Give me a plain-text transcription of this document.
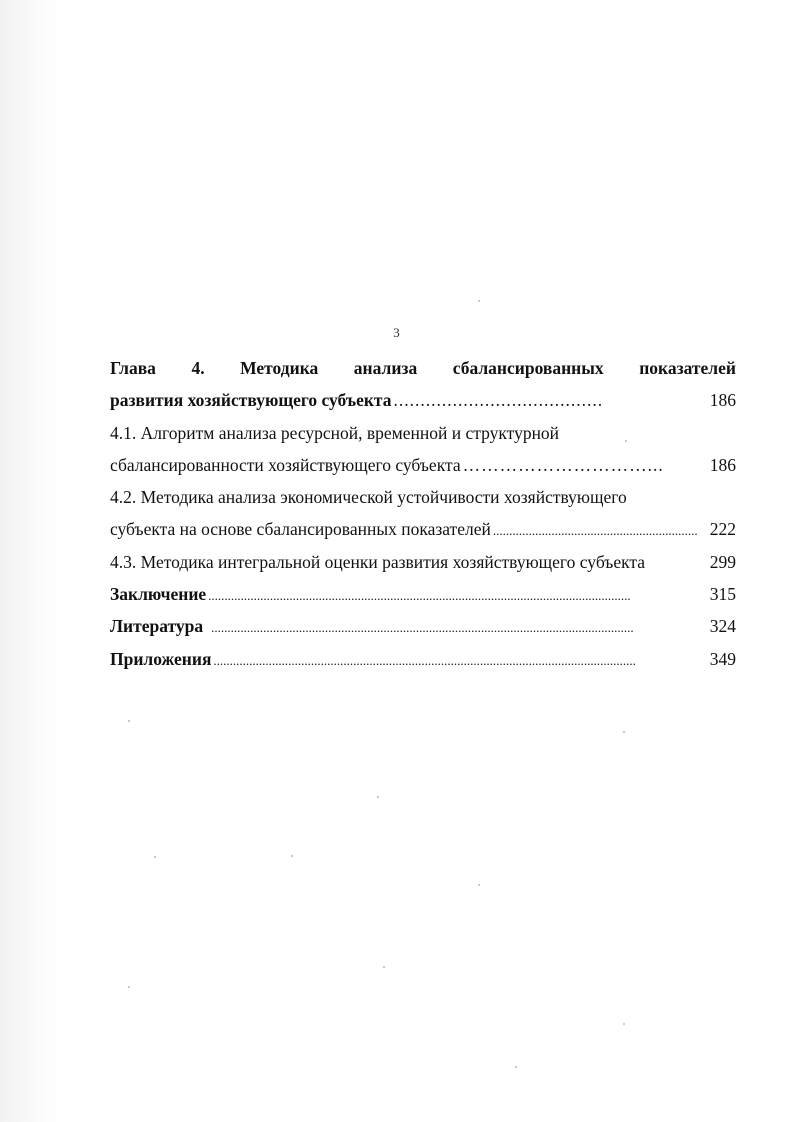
3
Глава 4. Методика анализа сбалансированных показателей
развития хозяйствующего субъекта .......................................	186
4.1. Алгоритм анализа ресурсной, временной и структурной
сбалансированности хозяйствующего субъекта …………………………...	186
4.2. Методика анализа экономической устойчивости хозяйствующего
субъекта на основе сбалансированных показателей ............................................................... 222
4.3. Методика интегральной оценки развития хозяйствующего субъекта	299
Заключение ..................................................................................................................................	315
Литература ..................................................................................................................................	324
Приложения ..................................................................................................................................	349
